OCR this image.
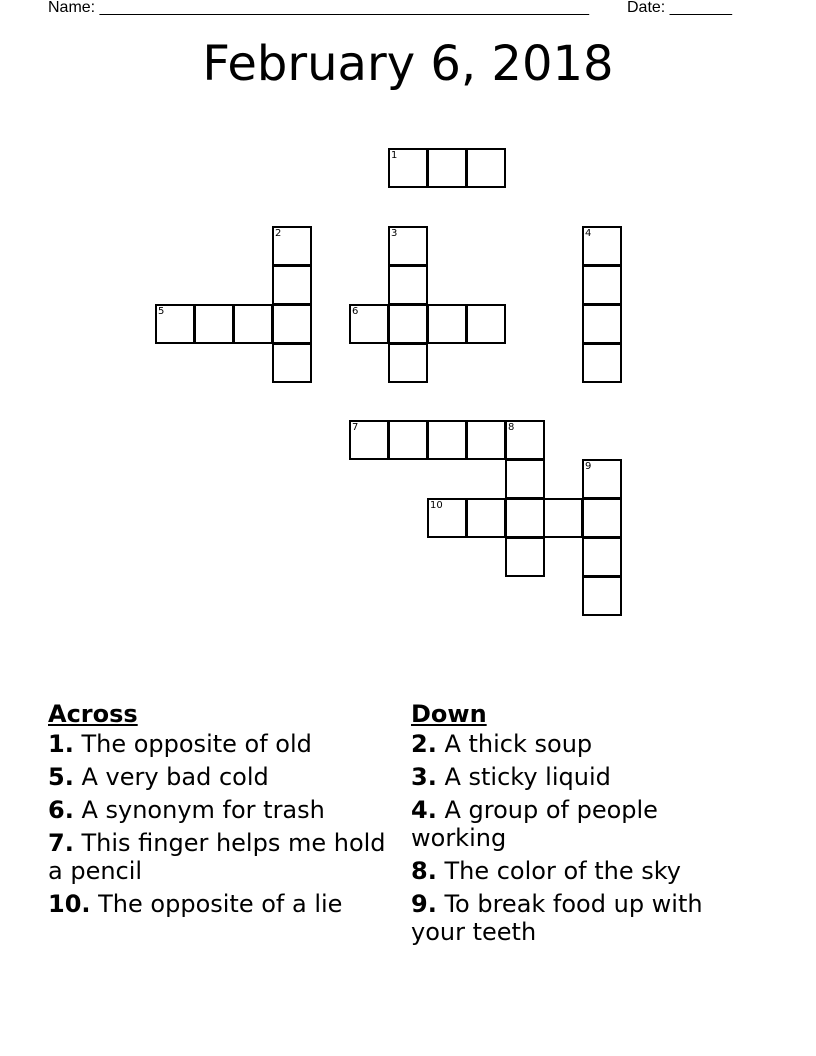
Name: _______________________________________________________ Date: _______
February 6, 2018
1
2
5
3
6
4
7	8
9
10
Across
1. The opposite of old
5. A very bad cold
6. A synonym for trash
7. This finger helps me hold a pencil
10. The opposite of a lie
Down
2. A thick soup
3. A sticky liquid
4. A group of people working
8. The color of the sky
9. To break food up with your teeth
